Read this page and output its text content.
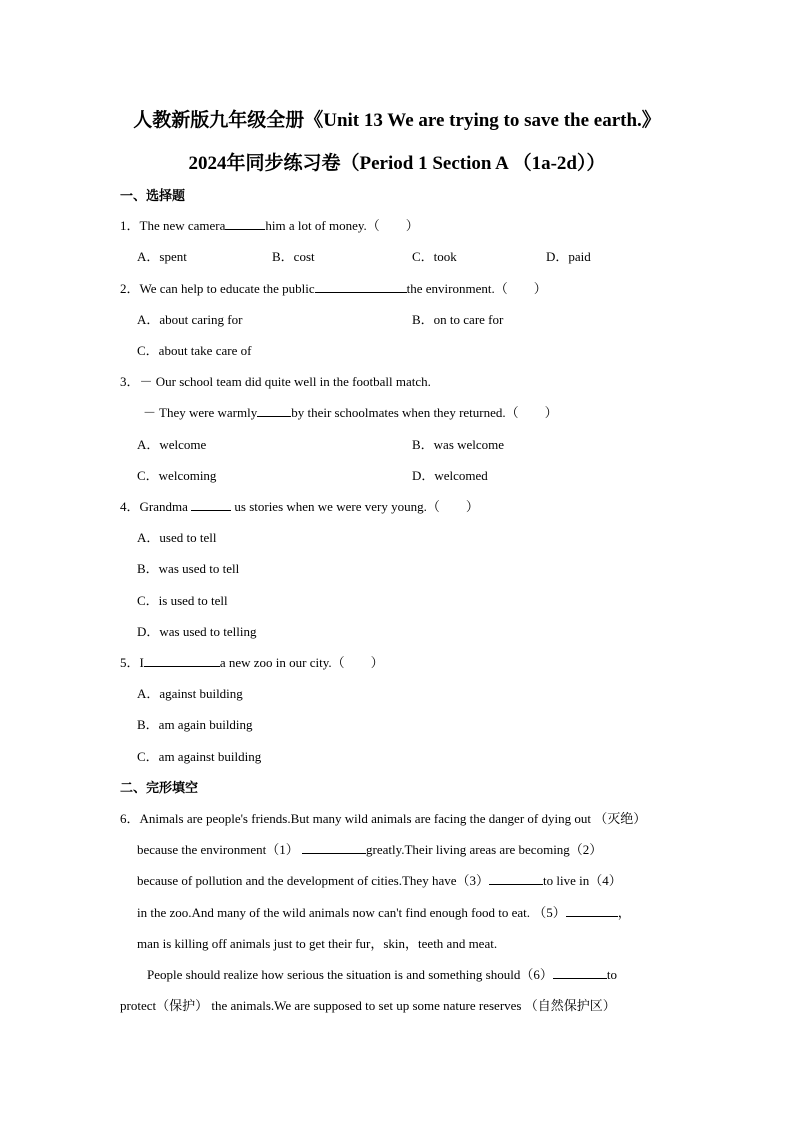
人教新版九年级全册《Unit 13 We are trying to save the earth.》
2024年同步练习卷（Period 1 Section A （1a-2d））
一、选择题
1．The new camera	him a lot of money.（　　）
A．spent	B．cost	C．took	D．paid
2．We can help to educate the public	the environment.（　　）
A．about caring for	B．on to care for
C．about take care of
3．－ Our school team did quite well in the football match.
－ They were warmly	by their schoolmates when they returned.（　　）
A．welcome	B．was welcome
C．welcoming	D．welcomed
4．Grandma	us stories when we were very young.（　　）
A．used to tell
B．was used to tell
C．is used to tell
D．was used to telling
5．I	a new zoo in our city.（　　）
A．against building
B．am again building
C．am against building
二、完形填空
6．Animals are people's friends.But many wild animals are facing the danger of dying out （灭绝）
because the environment（1）	greatly.Their living areas are becoming（2）
because of pollution and the development of cities.They have（3）	to live in（4）
in the zoo.And many of the wild animals now can't find enough food to eat. （5）	，
man is killing off animals just to get their fur，skin，teeth and meat.
People should realize how serious the situation is and something should（6）	to
protect（保护） the animals.We are supposed to set up some nature reserves （自然保护区）
